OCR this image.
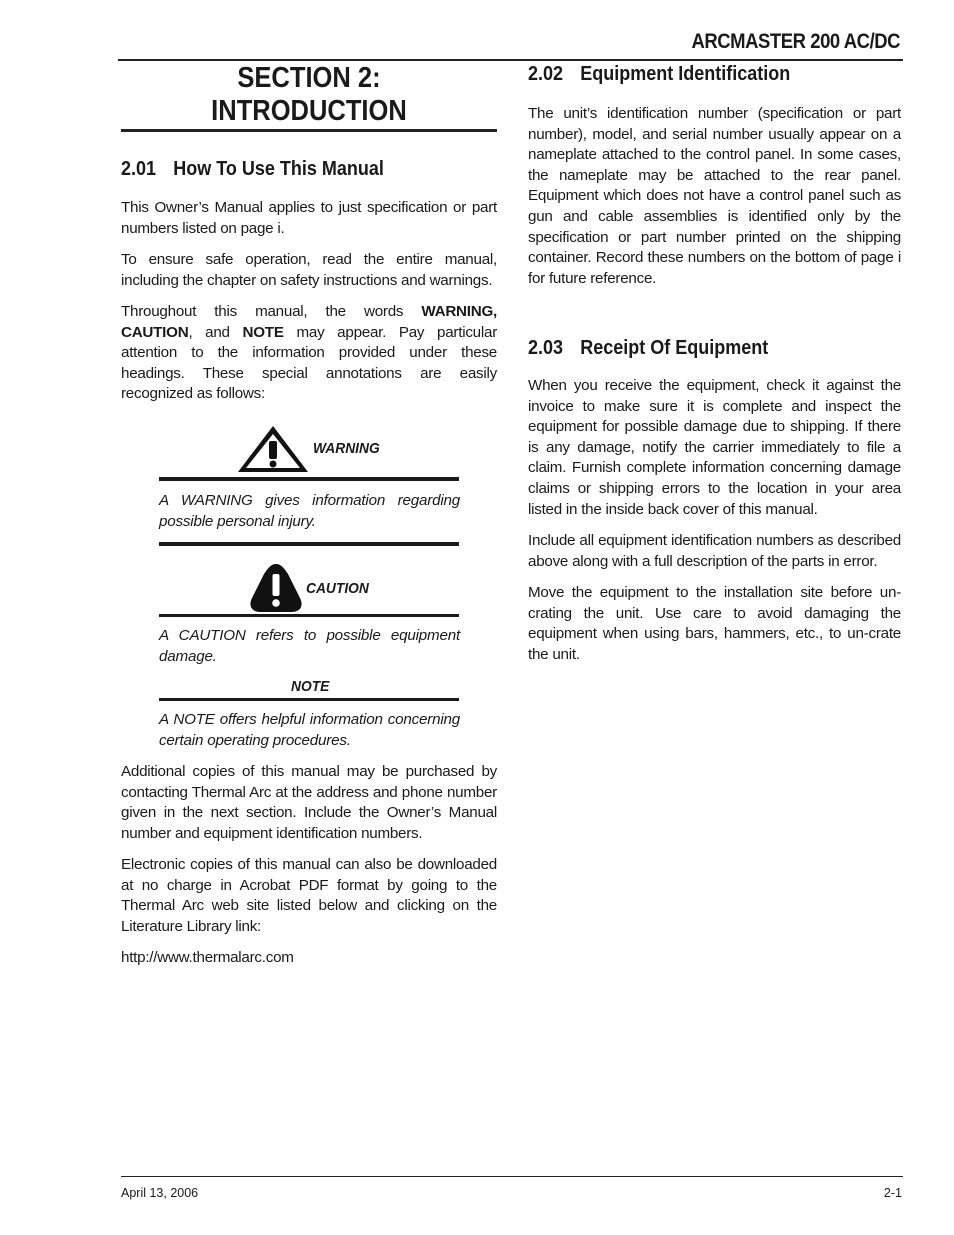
ARCMASTER 200 AC/DC
SECTION 2:
INTRODUCTION
2.01 How To Use This Manual

This Owner’s Manual applies to just specification or part numbers listed on page i.

To ensure safe operation, read the entire manual, including the chapter on safety instructions and warnings.

Throughout this manual, the words WARNING, CAUTION, and NOTE may appear. Pay particular attention to the information provided under these headings. These special annotations are easily recognized as follows:

WARNING

A WARNING gives information regarding possible personal injury.

CAUTION

A CAUTION refers to possible equipment damage.

NOTE

A NOTE offers helpful information concerning certain operating procedures.

Additional copies of this manual may be purchased by contacting Thermal Arc at the address and phone number given in the next section. Include the Owner’s Manual number and equipment identification numbers.

Electronic copies of this manual can also be downloaded at no charge in Acrobat PDF format by going to the Thermal Arc web site listed below and clicking on the Literature Library link:

http://www.thermalarc.com

2.02 Equipment Identification

The unit’s identification number (specification or part number), model, and serial number usually appear on a nameplate attached to the control panel. In some cases, the nameplate may be attached to the rear panel. Equipment which does not have a control panel such as gun and cable assemblies is identified only by the specification or part number printed on the shipping container. Record these numbers on the bottom of page i for future reference.

2.03 Receipt Of Equipment

When you receive the equipment, check it against the invoice to make sure it is complete and inspect the equipment for possible damage due to shipping. If there is any damage, notify the carrier immediately to file a claim. Furnish complete information concerning damage claims or shipping errors to the location in your area listed in the inside back cover of this manual.

Include all equipment identification numbers as described above along with a full description of the parts in error.

Move the equipment to the installation site before un-crating the unit. Use care to avoid damaging the equipment when using bars, hammers, etc., to un-crate the unit.

April 13, 2006	2-1
